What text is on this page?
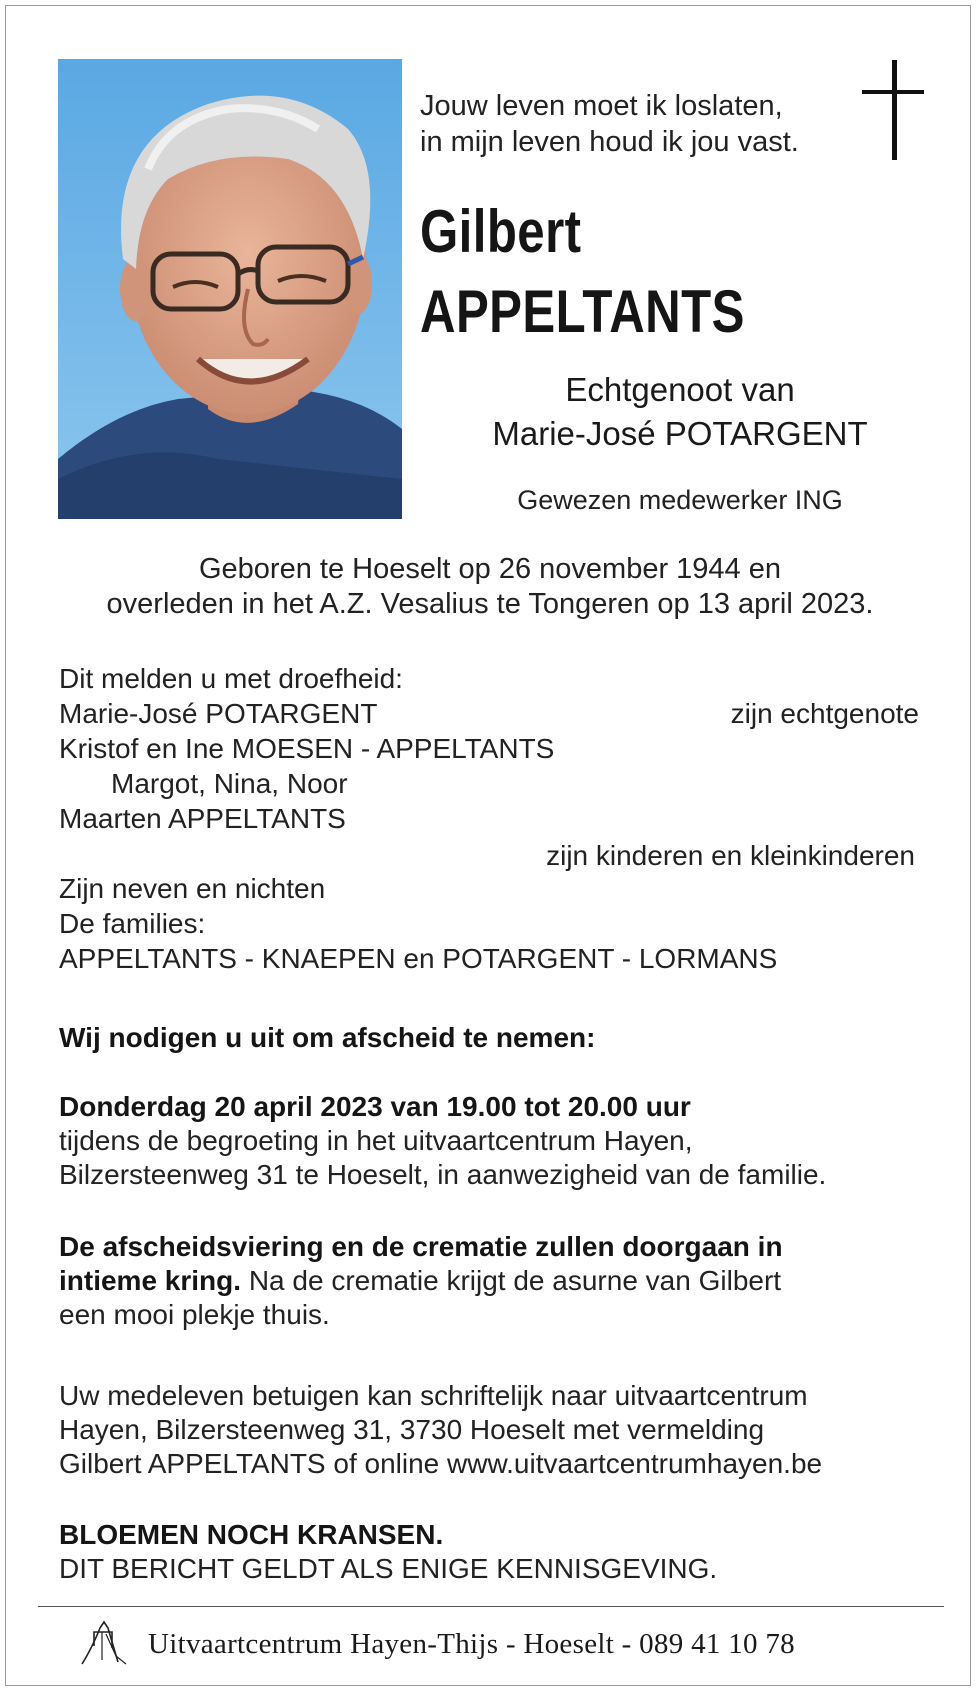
Jouw leven moet ik loslaten,
in mijn leven houd ik jou vast.
Gilbert
APPELTANTS
Echtgenoot van
Marie-José POTARGENT
Gewezen medewerker ING
Geboren te Hoeselt op 26 november 1944 en
overleden in het A.Z. Vesalius te Tongeren op 13 april 2023.
Dit melden u met droefheid:
Marie-José POTARGENT	zijn echtgenote
Kristof en Ine MOESEN - APPELTANTS
Margot, Nina, Noor
Maarten APPELTANTS
zijn kinderen en kleinkinderen
Zijn neven en nichten
De families:
APPELTANTS - KNAEPEN en POTARGENT - LORMANS
Wij nodigen u uit om afscheid te nemen:
Donderdag 20 april 2023 van 19.00 tot 20.00 uur
tijdens de begroeting in het uitvaartcentrum Hayen,
Bilzersteenweg 31 te Hoeselt, in aanwezigheid van de familie.
De afscheidsviering en de crematie zullen doorgaan in
intieme kring. Na de crematie krijgt de asurne van Gilbert
een mooi plekje thuis.
Uw medeleven betuigen kan schriftelijk naar uitvaartcentrum
Hayen, Bilzersteenweg 31, 3730 Hoeselt met vermelding
Gilbert APPELTANTS of online www.uitvaartcentrumhayen.be
BLOEMEN NOCH KRANSEN.
DIT BERICHT GELDT ALS ENIGE KENNISGEVING.
Uitvaartcentrum Hayen-Thijs - Hoeselt - 089 41 10 78
